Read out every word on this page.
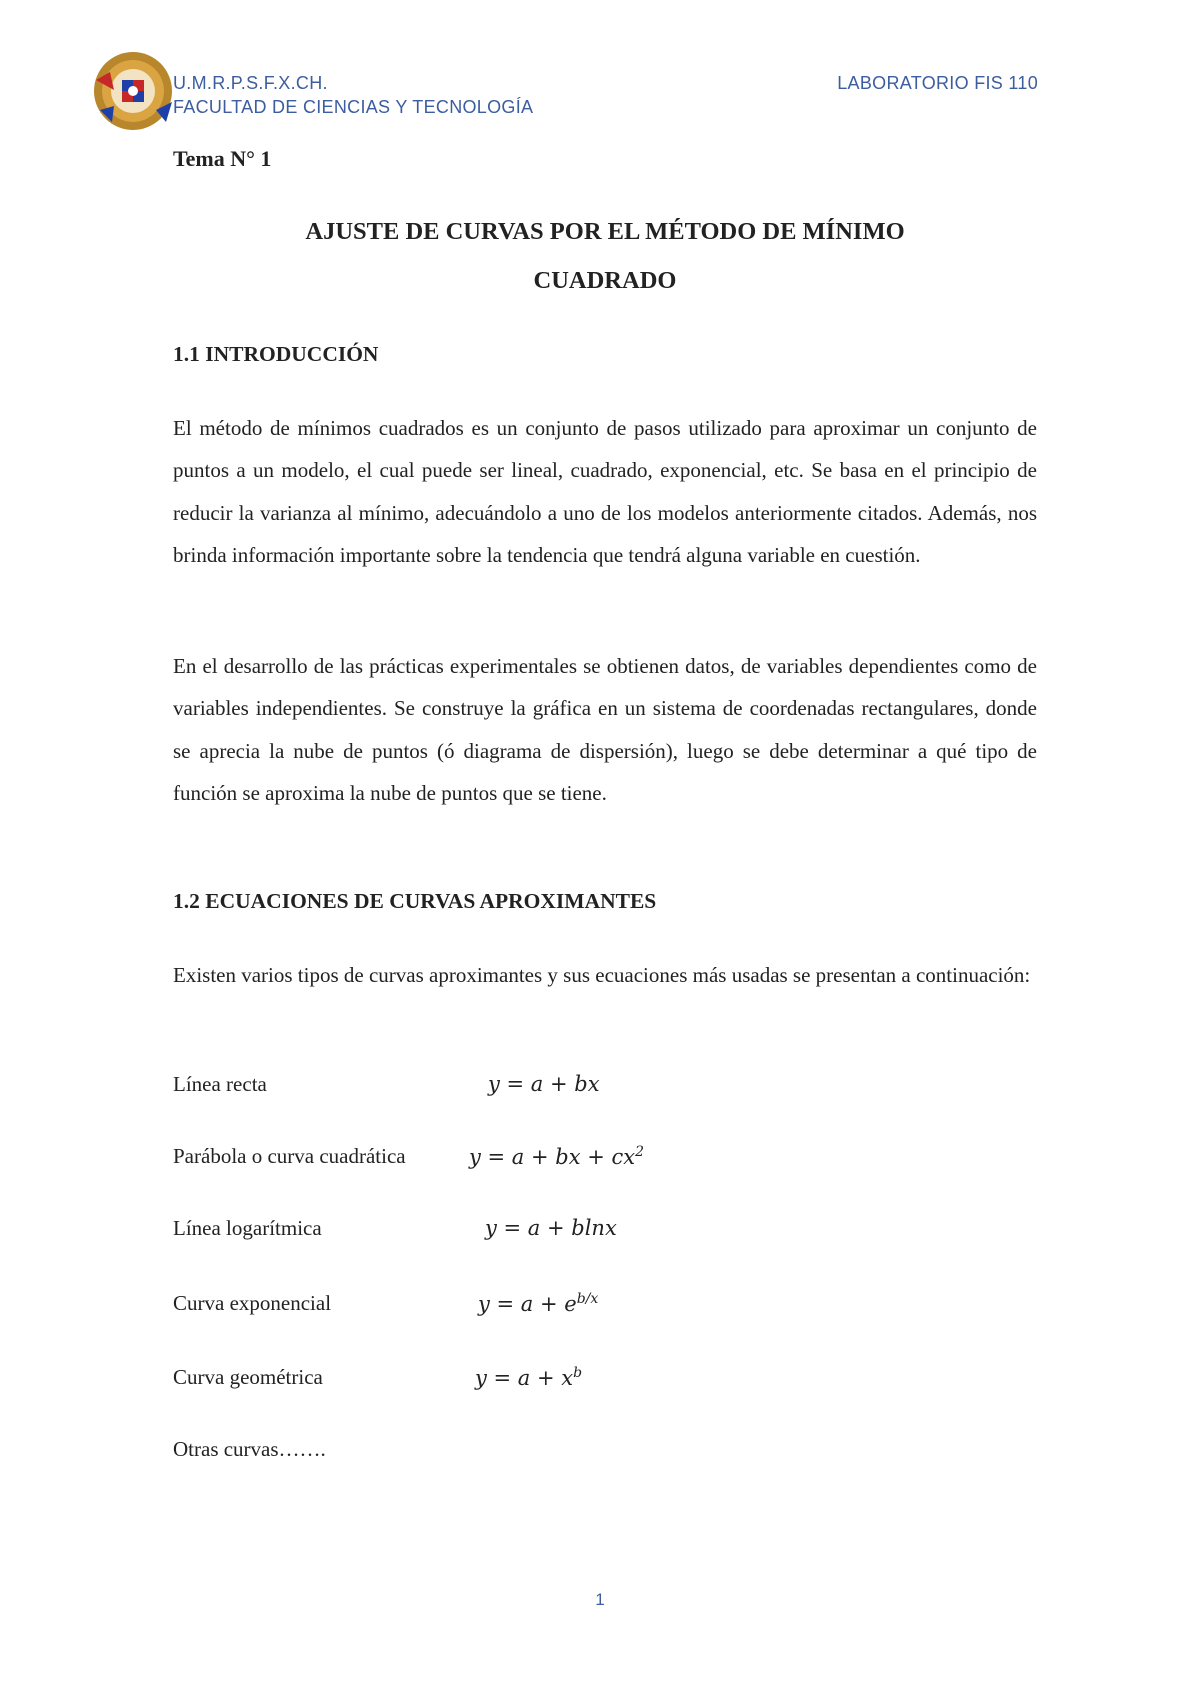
U.M.R.P.S.F.X.CH.
FACULTAD DE CIENCIAS Y TECNOLOGÍA
LABORATORIO FIS 110
Tema N° 1
AJUSTE DE CURVAS POR EL MÉTODO DE MÍNIMO
CUADRADO
1.1 INTRODUCCIÓN
El método de mínimos cuadrados es un conjunto de pasos utilizado para aproximar un conjunto de puntos a un modelo, el cual puede ser lineal, cuadrado, exponencial, etc. Se basa en el principio de reducir la varianza al mínimo, adecuándolo a uno de los modelos anteriormente citados. Además, nos brinda información importante sobre la tendencia que tendrá alguna variable en cuestión.
En el desarrollo de las prácticas experimentales se obtienen datos, de variables dependientes como de variables independientes. Se construye la gráfica en un sistema de coordenadas rectangulares, donde se aprecia la nube de puntos (ó diagrama de dispersión), luego se debe determinar a qué tipo de función se aproxima la nube de puntos que se tiene.
1.2 ECUACIONES DE CURVAS APROXIMANTES
Existen varios tipos de curvas aproximantes y sus ecuaciones más usadas se presentan a continuación:
Línea recta	y = a + bx
Parábola o curva cuadrática	y = a + bx + $cx^2$
Línea logarítmica	y = a + blnx
Curva exponencial	$y = a + e^{b/x}$
Curva geométrica	$y = a + x^b$
Otras curvas…….
1
